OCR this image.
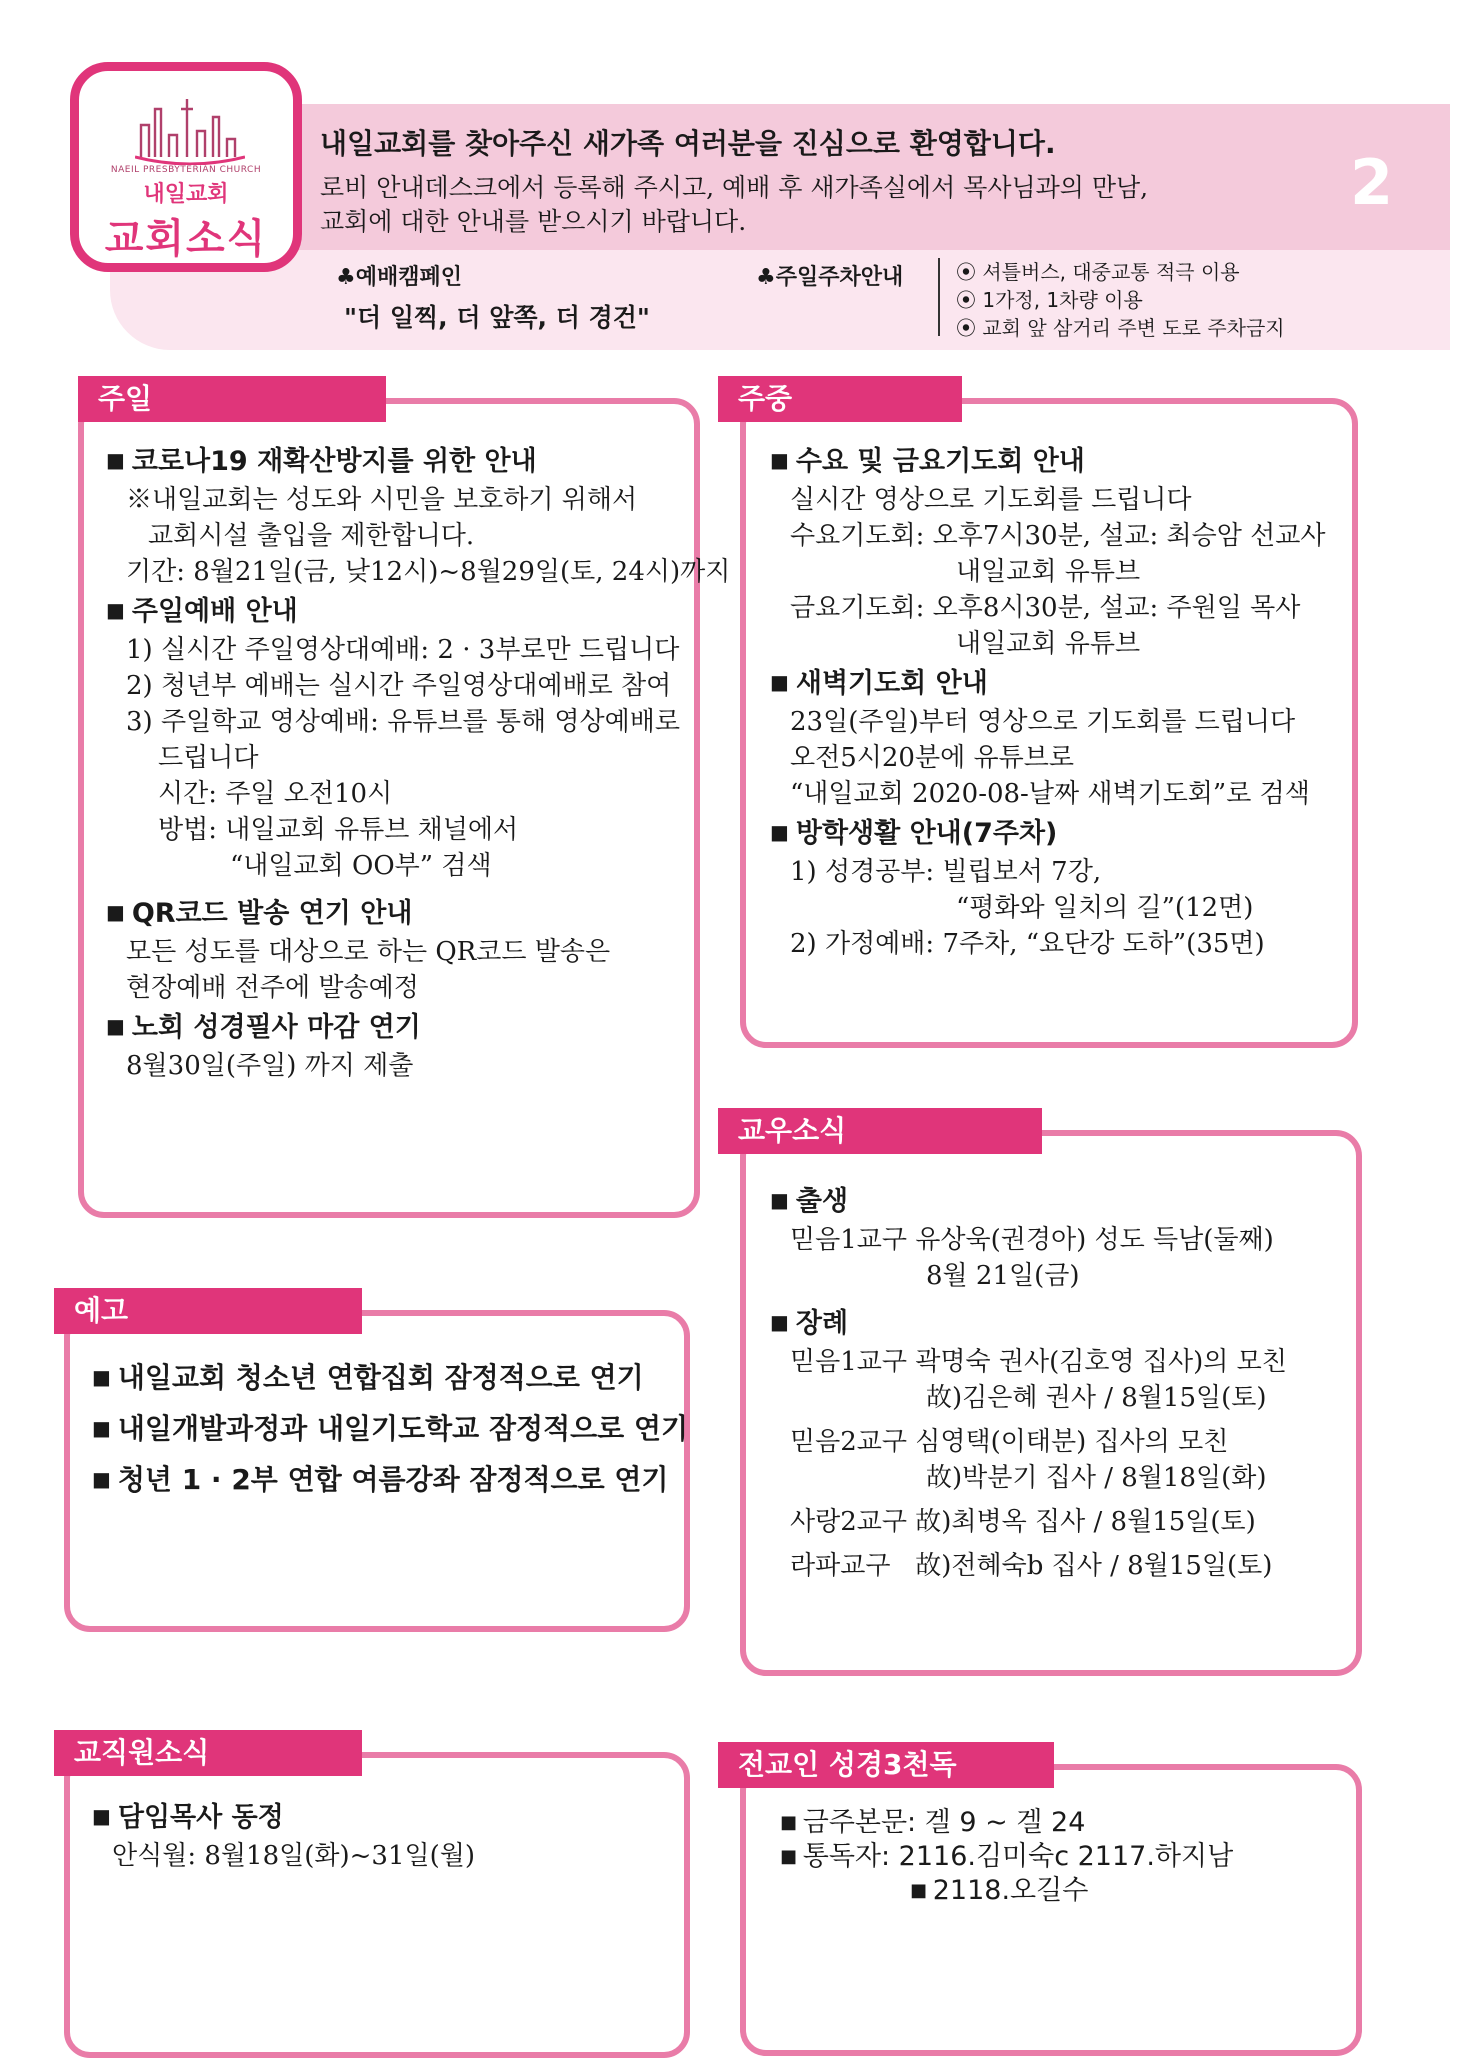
NAEIL PRESBYTERIAN CHURCH
내일교회
교회소식
내일교회를 찾아주신 새가족 여러분을 진심으로 환영합니다.
로비 안내데스크에서 등록해 주시고, 예배 후 새가족실에서 목사님과의 만남,
교회에 대한 안내를 받으시기 바랍니다.
2
♣예배캠페인
"더 일찍, 더 앞쪽, 더 경건"
♣주일주차안내	⦿ 셔틀버스, 대중교통 적극 이용
⦿ 1가정, 1차량 이용
⦿ 교회 앞 삼거리 주변 도로 주차금지
주일

■ 코로나19 재확산방지를 위한 안내

※내일교회는 성도와 시민을 보호하기 위해서

교회시설 출입을 제한합니다.

기간: 8월21일(금, 낮12시)~8월29일(토, 24시)까지

■ 주일예배 안내

1) 실시간 주일영상대예배: 2 · 3부로만 드립니다

2) 청년부 예배는 실시간 주일영상대예배로 참여

3) 주일학교 영상예배: 유튜브를 통해 영상예배로

드립니다

시간: 주일 오전10시

방법: 내일교회 유튜브 채널에서

“내일교회 OO부” 검색

■ QR코드 발송 연기 안내

모든 성도를 대상으로 하는 QR코드 발송은

현장예배 전주에 발송예정

■ 노회 성경필사 마감 연기

8월30일(주일) 까지 제출

주중

■ 수요 및 금요기도회 안내

실시간 영상으로 기도회를 드립니다

수요기도회: 오후7시30분, 설교: 최승암 선교사

내일교회 유튜브

금요기도회: 오후8시30분, 설교: 주원일 목사

내일교회 유튜브

■ 새벽기도회 안내

23일(주일)부터 영상으로 기도회를 드립니다

오전5시20분에 유튜브로

“내일교회 2020-08-날짜 새벽기도회”로 검색

■ 방학생활 안내(7주차)

1) 성경공부: 빌립보서 7강,

“평화와 일치의 길”(12면)

2) 가정예배: 7주차, “요단강 도하”(35면)

예고

■ 내일교회 청소년 연합집회 잠정적으로 연기

■ 내일개발과정과 내일기도학교 잠정적으로 연기

■ 청년 1 · 2부 연합 여름강좌 잠정적으로 연기

교우소식

■ 출생

믿음1교구 유상욱(권경아) 성도 득남(둘째)

8월 21일(금)

■ 장례

믿음1교구 곽명숙 권사(김호영 집사)의 모친

故)김은혜 권사 / 8월15일(토)

믿음2교구 심영택(이태분) 집사의 모친

故)박분기 집사 / 8월18일(화)

사랑2교구 故)최병옥 집사 / 8월15일(토)

라파교구   故)전혜숙b 집사 / 8월15일(토)

교직원소식

■ 담임목사 동정

안식월: 8월18일(화)~31일(월)

전교인 성경3천독

■ 금주본문: 겔 9 ~ 겔 24

■ 통독자: 2116.김미숙c 2117.하지남

■ 2118.오길수
